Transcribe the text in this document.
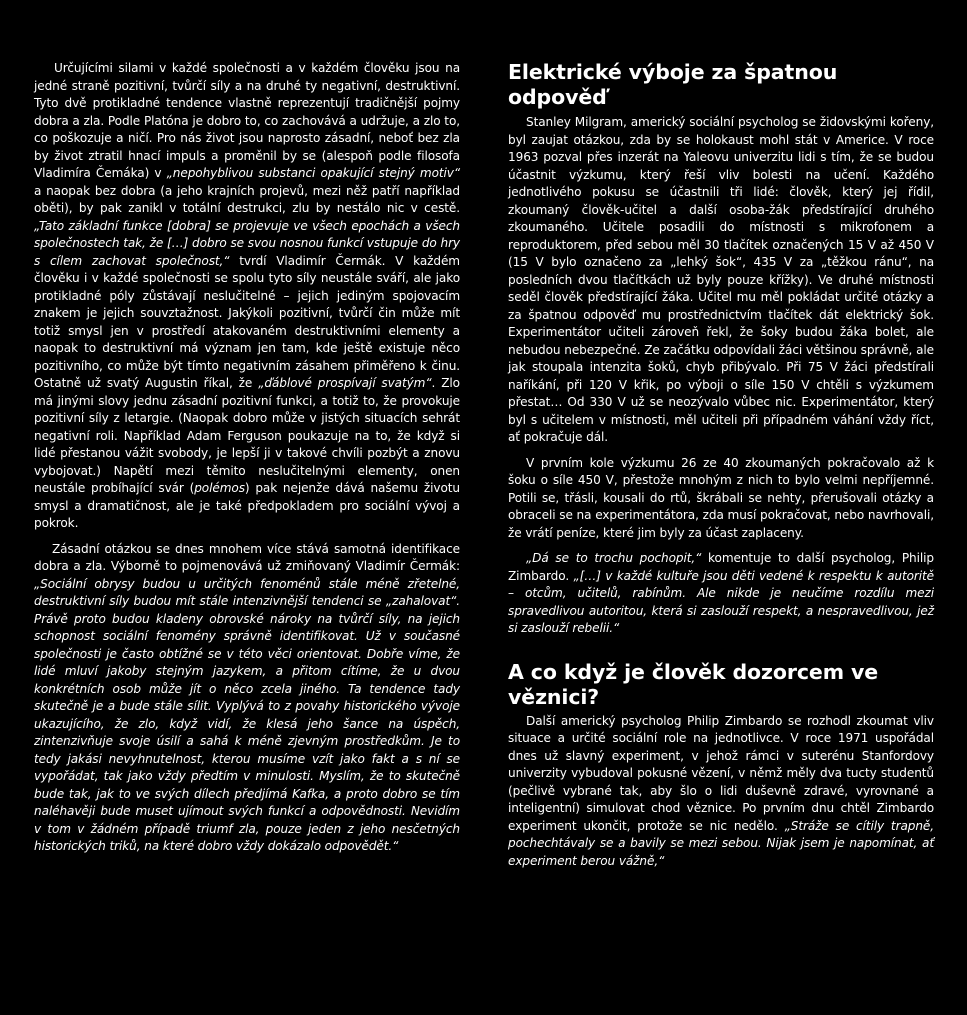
Určujícími silami v každé společnosti a v každém člověku jsou na jedné straně pozitivní, tvůrčí síly a na druhé ty negativní, destruktivní. Tyto dvě protikladné tendence vlastně reprezentují tradičnější pojmy dobra a zla. Podle Platóna je dobro to, co zachovává a udržuje, a zlo to, co poškozuje a ničí. Pro nás život jsou naprosto zásadní, neboť bez zla by život ztratil hnací impuls a proměnil by se (alespoň podle filosofa Vladimíra Čemáka) v „nepohyblivou substanci opakující stejný motiv“ a naopak bez dobra (a jeho krajních projevů, mezi něž patří například oběti), by pak zanikl v totální destrukci, zlu by nestálo nic v cestě. „Tato základní funkce [dobra] se projevuje ve všech epochách a všech společnostech tak, že […] dobro se svou nosnou funkcí vstupuje do hry s cílem zachovat společnost,“ tvrdí Vladimír Čermák. V každém člověku i v každé společnosti se spolu tyto síly neustále sváří, ale jako protikladné póly zůstávají neslučitelné – jejich jediným spojovacím znakem je jejich souvztažnost. Jakýkoli pozitivní, tvůrčí čin může mít totiž smysl jen v prostředí atakovaném destruktivními elementy a naopak to destruktivní má význam jen tam, kde ještě existuje něco pozitivního, co může být tímto negativním zásahem přiměřeno k činu. Ostatně už svatý Augustin říkal, že „ďáblové prospívají svatým“. Zlo má jinými slovy jednu zásadní pozitivní funkci, a totiž to, že provokuje pozitivní síly z letargie. (Naopak dobro může v jistých situacích sehrát negativní roli. Například Adam Ferguson poukazuje na to, že když si lidé přestanou vážit svobody, je lepší ji v takové chvíli pozbýt a znovu vybojovat.) Napětí mezi těmito neslučitelnými elementy, onen neustále probíhající svár (polémos) pak nejenže dává našemu životu smysl a dramatičnost, ale je také předpokladem pro sociální vývoj a pokrok.

Zásadní otázkou se dnes mnohem více stává samotná identifikace dobra a zla. Výborně to pojmenovává už zmiňovaný Vladimír Čermák: „Sociální obrysy budou u určitých fenoménů stále méně zřetelné, destruktivní síly budou mít stále intenzivnější tendenci se „zahalovat“. Právě proto budou kladeny obrovské nároky na tvůrčí síly, na jejich schopnost sociální fenomény správně identifikovat. Už v současné společnosti je často obtížné se v této věci orientovat. Dobře víme, že lidé mluví jakoby stejným jazykem, a přitom cítíme, že u dvou konkrétních osob může jít o něco zcela jiného. Ta tendence tady skutečně je a bude stále sílit. Vyplývá to z povahy historického vývoje ukazujícího, že zlo, když vidí, že klesá jeho šance na úspěch, zintenzivňuje svoje úsilí a sahá k méně zjevným prostředkům. Je to tedy jakási nevyhnutelnost, kterou musíme vzít jako fakt a s ní se vypořádat, tak jako vždy předtím v minulosti. Myslím, že to skutečně bude tak, jak to ve svých dílech předjímá Kafka, a proto dobro se tím naléhavěji bude muset ujímout svých funkcí a odpovědnosti. Nevidím v tom v žádném případě triumf zla, pouze jeden z jeho nesčetných historických triků, na které dobro vždy dokázalo odpovědět.“

Elektrické výboje za špatnou odpověď

Stanley Milgram, americký sociální psycholog se židovskými kořeny, byl zaujat otázkou, zda by se holokaust mohl stát v Americe. V roce 1963 pozval přes inzerát na Yaleovu univerzitu lidi s tím, že se budou účastnit výzkumu, který řeší vliv bolesti na učení. Každého jednotlivého pokusu se účastnili tři lidé: člověk, který jej řídil, zkoumaný člověk-učitel a další osoba-žák předstírající druhého zkoumaného. Učitele posadili do místnosti s mikrofonem a reproduktorem, před sebou měl 30 tlačítek označených 15 V až 450 V (15 V bylo označeno za „lehký šok“, 435 V za „těžkou ránu“, na posledních dvou tlačítkách už byly pouze křížky). Ve druhé místnosti seděl člověk předstírající žáka. Učitel mu měl pokládat určité otázky a za špatnou odpověď mu prostřednictvím tlačítek dát elektrický šok. Experimentátor učiteli zároveň řekl, že šoky budou žáka bolet, ale nebudou nebezpečné. Ze začátku odpovídali žáci většinou správně, ale jak stoupala intenzita šoků, chyb přibývalo. Při 75 V žáci předstírali naříkání, při 120 V křik, po výboji o síle 150 V chtěli s výzkumem přestat… Od 330 V už se neozývalo vůbec nic. Experimentátor, který byl s učitelem v místnosti, měl učiteli při případném váhání vždy říct, ať pokračuje dál.

V prvním kole výzkumu 26 ze 40 zkoumaných pokračovalo až k šoku o síle 450 V, přestože mnohým z nich to bylo velmi nepříjemné. Potili se, třásli, kousali do rtů, škrábali se nehty, přerušovali otázky a obraceli se na experimentátora, zda musí pokračovat, nebo navrhovali, že vrátí peníze, které jim byly za účast zaplaceny.

„Dá se to trochu pochopit,“ komentuje to další psycholog, Philip Zimbardo. „[…] v každé kultuře jsou děti vedené k respektu k autoritě – otcům, učitelů, rabínům. Ale nikde je neučíme rozdílu mezi spravedlivou autoritou, která si zaslouží respekt, a nespravedlivou, jež si zaslouží rebelii.“

A co když je člověk dozorcem ve věznici?

Další americký psycholog Philip Zimbardo se rozhodl zkoumat vliv situace a určité sociální role na jednotlivce. V roce 1971 uspořádal dnes už slavný experiment, v jehož rámci v suterénu Stanfordovy univerzity vybudoval pokusné vězení, v němž měly dva tucty studentů (pečlivě vybrané tak, aby šlo o lidi duševně zdravé, vyrovnané a inteligentní) simulovat chod věznice. Po prvním dnu chtěl Zimbardo experiment ukončit, protože se nic nedělo. „Stráže se cítily trapně, pochechtávaly se a bavily se mezi sebou. Nijak jsem je napomínat, ať experiment berou vážně,“
